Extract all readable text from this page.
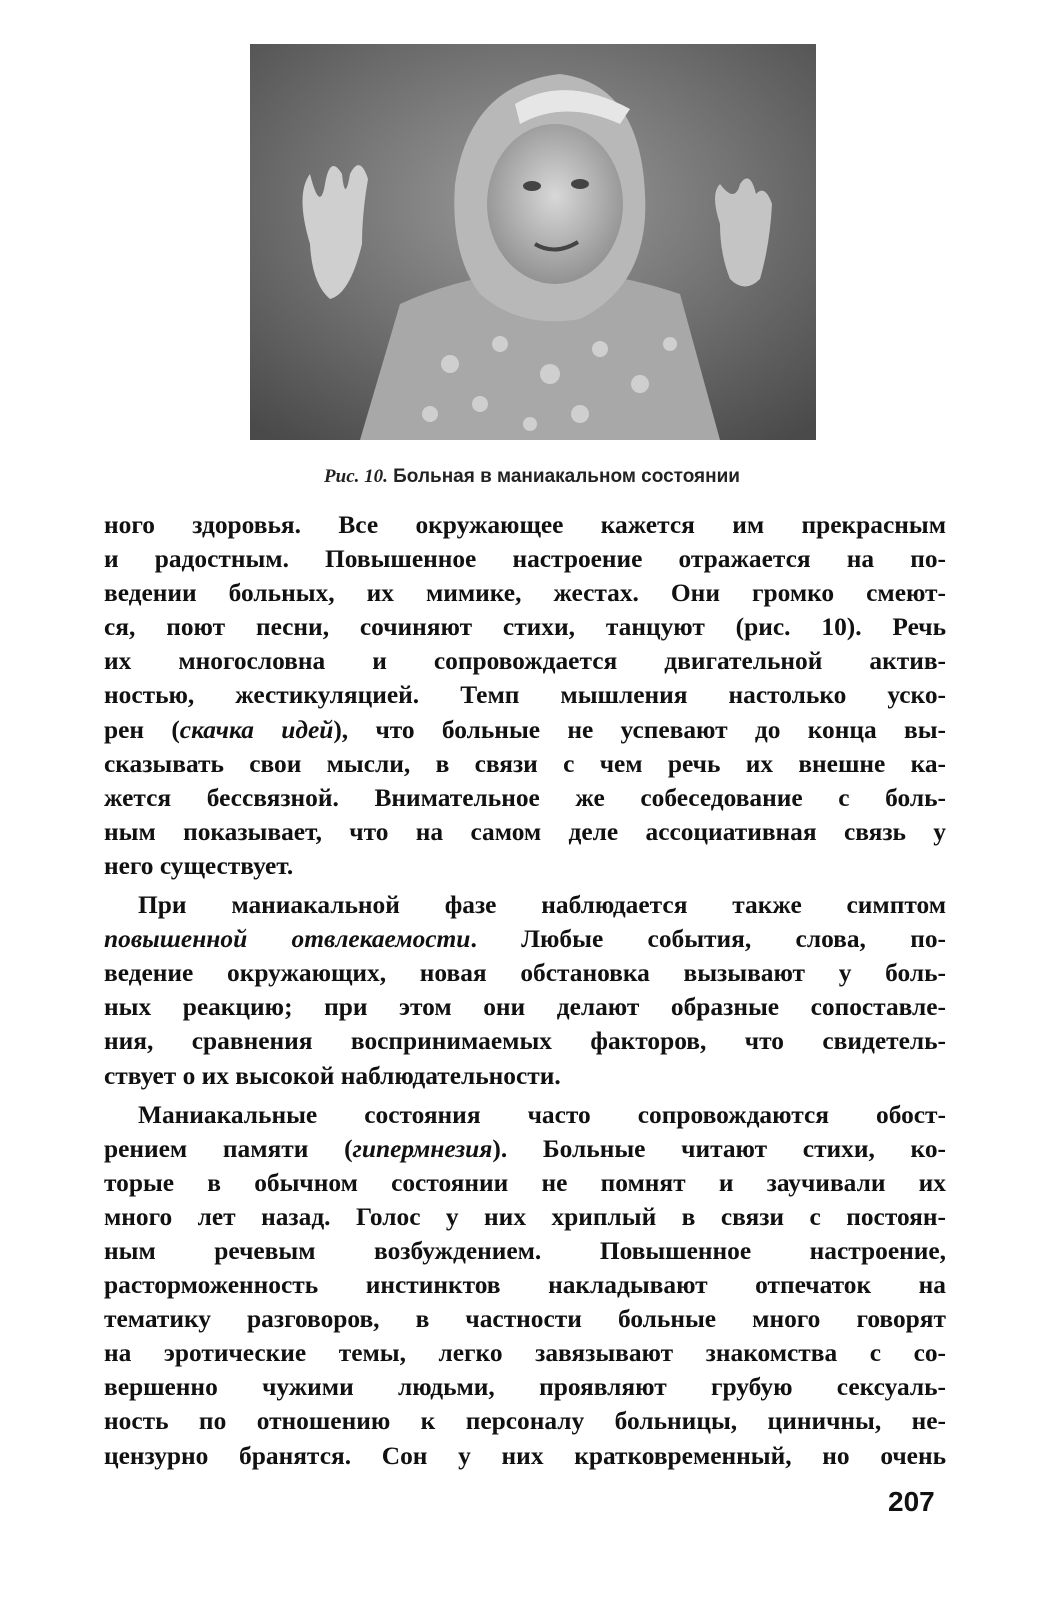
Рис. 10. Больная в маниакальном состоянии
ного здоровья. Все окружающее кажется им прекрасным
и радостным. Повышенное настроение отражается на по-
ведении больных, их мимике, жестах. Они громко смеют-
ся, поют песни, сочиняют стихи, танцуют (рис. 10). Речь
их многословна и сопровождается двигательной актив-
ностью, жестикуляцией. Темп мышления настолько уско-
рен (скачка идей), что больные не успевают до конца вы-
сказывать свои мысли, в связи с чем речь их внешне ка-
жется бессвязной. Внимательное же собеседование с боль-
ным показывает, что на самом деле ассоциативная связь у
него существует.
При маниакальной фазе наблюдается также симптом
повышенной отвлекаемости. Любые события, слова, по-
ведение окружающих, новая обстановка вызывают у боль-
ных реакцию; при этом они делают образные сопоставле-
ния, сравнения воспринимаемых факторов, что свидетель-
ствует о их высокой наблюдательности.
Маниакальные состояния часто сопровождаются обост-
рением памяти (гипермнезия). Больные читают стихи, ко-
торые в обычном состоянии не помнят и заучивали их
много лет назад. Голос у них хриплый в связи с постоян-
ным речевым возбуждением. Повышенное настроение,
расторможенность инстинктов накладывают отпечаток на
тематику разговоров, в частности больные много говорят
на эротические темы, легко завязывают знакомства с со-
вершенно чужими людьми, проявляют грубую сексуаль-
ность по отношению к персоналу больницы, циничны, не-
цензурно бранятся. Сон у них кратковременный, но очень
207
